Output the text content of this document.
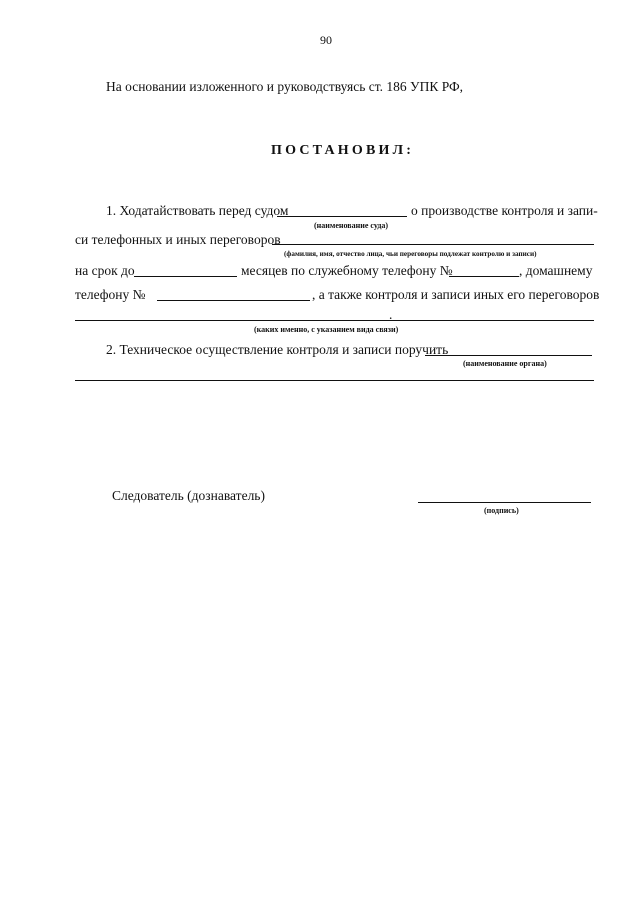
90
На основании изложенного и руководствуясь ст. 186 УПК РФ,
ПОСТАНОВИЛ:
1. Ходатайствовать перед судом	о производстве контроля и запи-
(наименование суда)
си телефонных и иных переговоров
(фамилия, имя, отчество лица, чьи переговоры подлежат контролю и записи)
на срок до	месяцев по служебному телефону №	, домашнему
телефону №	, а также контроля и записи иных его переговоров
.
(каких именно, с указанием вида связи)
2. Техническое осуществление контроля и записи поручить
(наименование органа)
Следователь (дознаватель)
(подпись)
